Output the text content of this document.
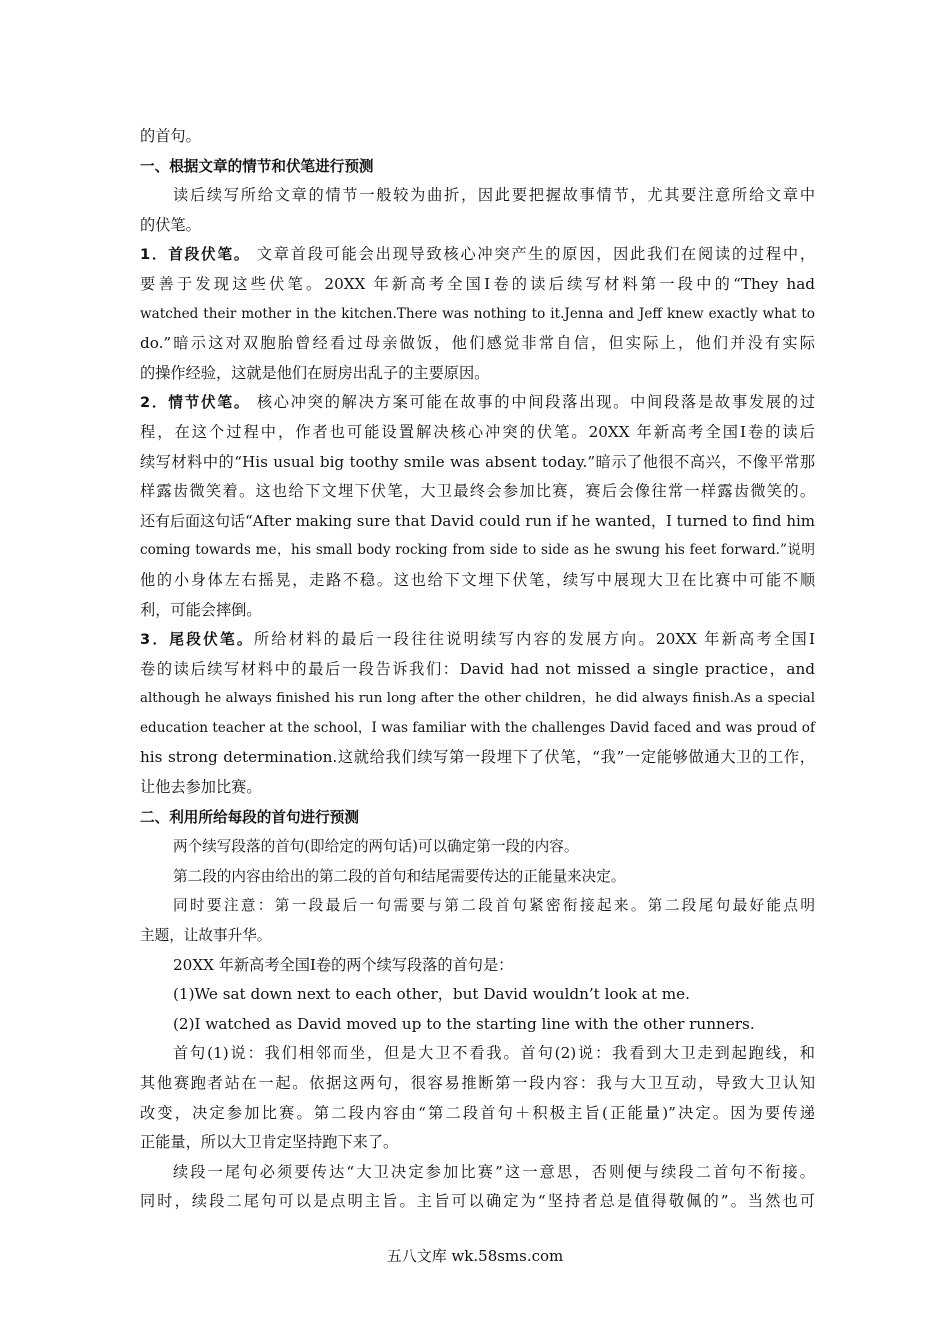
的首句。
一、根据文章的情节和伏笔进行预测
读后续写所给文章的情节一般较为曲折，因此要把握故事情节，尤其要注意所给文章中
的伏笔。
1．首段伏笔。 文章首段可能会出现导致核心冲突产生的原因，因此我们在阅读的过程中，
要善于发现这些伏笔。20XX 年新高考全国Ⅰ卷的读后续写材料第一段中的“They had
watched their mother in the kitchen.There was nothing to it.Jenna and Jeff knew exactly what to
do.”暗示这对双胞胎曾经看过母亲做饭，他们感觉非常自信，但实际上，他们并没有实际
的操作经验，这就是他们在厨房出乱子的主要原因。
2．情节伏笔。 核心冲突的解决方案可能在故事的中间段落出现。中间段落是故事发展的过
程，在这个过程中，作者也可能设置解决核心冲突的伏笔。20XX 年新高考全国Ⅰ卷的读后
续写材料中的“His usual big toothy smile was absent today.”暗示了他很不高兴，不像平常那
样露齿微笑着。这也给下文埋下伏笔，大卫最终会参加比赛，赛后会像往常一样露齿微笑的。
还有后面这句话“After making sure that David could run if he wanted，I turned to find him
coming towards me，his small body rocking from side to side as he swung his feet forward.”说明
他的小身体左右摇晃，走路不稳。这也给下文埋下伏笔，续写中展现大卫在比赛中可能不顺
利，可能会摔倒。
3．尾段伏笔。所给材料的最后一段往往说明续写内容的发展方向。20XX 年新高考全国Ⅰ
卷的读后续写材料中的最后一段告诉我们：David had not missed a single practice，and
although he always finished his run long after the other children，he did always finish.As a special
education teacher at the school，I was familiar with the challenges David faced and was proud of
his strong determination.这就给我们续写第一段埋下了伏笔，“我”一定能够做通大卫的工作，
让他去参加比赛。
二、利用所给每段的首句进行预测
两个续写段落的首句(即给定的两句话)可以确定第一段的内容。
第二段的内容由给出的第二段的首句和结尾需要传达的正能量来决定。
同时要注意：第一段最后一句需要与第二段首句紧密衔接起来。第二段尾句最好能点明
主题，让故事升华。
20XX 年新高考全国Ⅰ卷的两个续写段落的首句是：
(1)We sat down next to each other，but David wouldn’t look at me.
(2)I watched as David moved up to the starting line with the other runners.
首句(1)说：我们相邻而坐，但是大卫不看我。首句(2)说：我看到大卫走到起跑线，和
其他赛跑者站在一起。依据这两句，很容易推断第一段内容：我与大卫互动，导致大卫认知
改变，决定参加比赛。第二段内容由“第二段首句＋积极主旨(正能量)”决定。因为要传递
正能量，所以大卫肯定坚持跑下来了。
续段一尾句必须要传达“大卫决定参加比赛”这一意思，否则便与续段二首句不衔接。
同时，续段二尾句可以是点明主旨。主旨可以确定为“坚持者总是值得敬佩的”。当然也可
五八文库 wk.58sms.com
